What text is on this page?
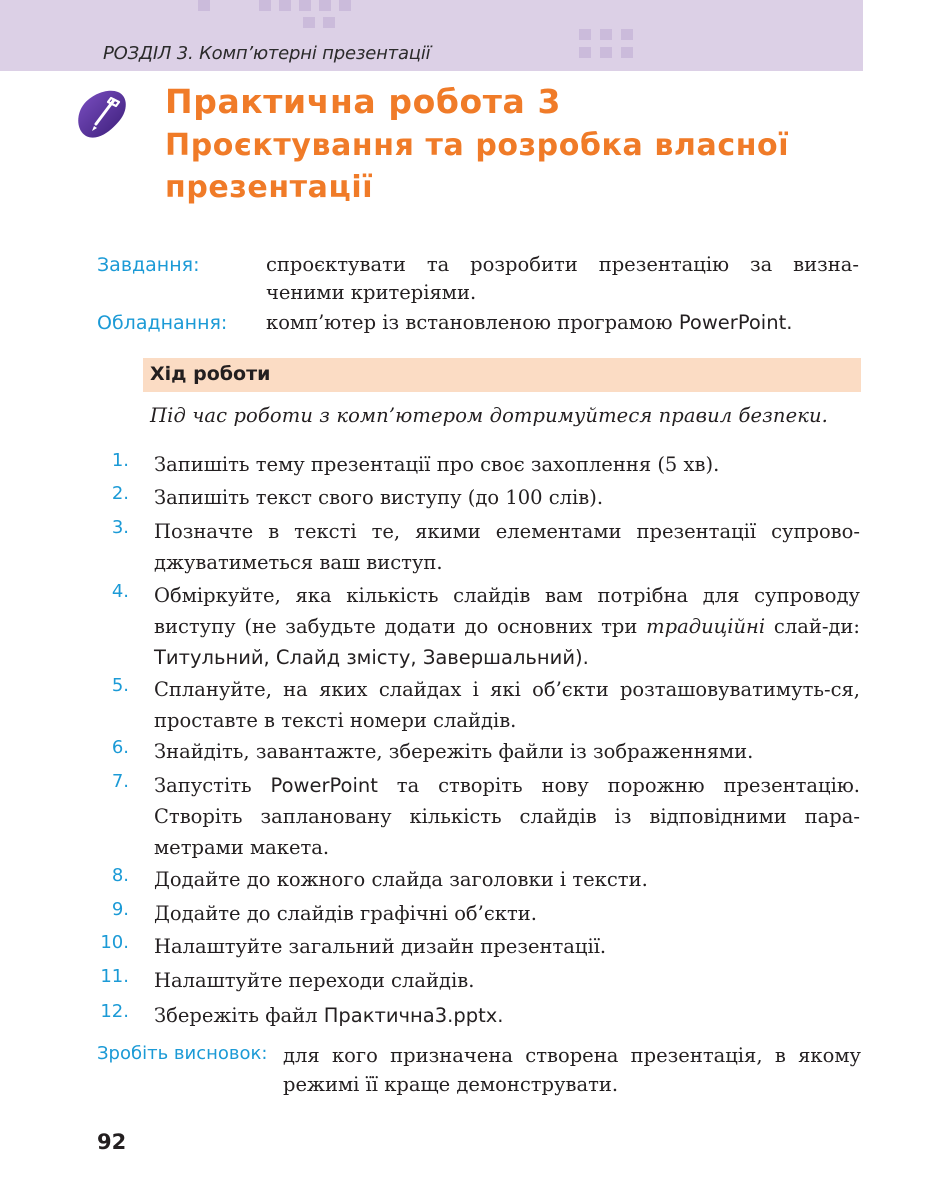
РОЗДІЛ 3. Комп’ютерні презентації
Практична робота 3
Проєктування та розробка власної
презентації
Завдання:	спроєктувати та розробити презентацію за визна-ченими критеріями.
Обладнання: комп’ютер із встановленою програмою PowerPoint.
Хід роботи
Під час роботи з комп’ютером дотримуйтеся правил безпеки.
1. Запишіть тему презентації про своє захоплення (5 хв).
2. Запишіть текст свого виступу (до 100 слів).
3. Позначте в тексті те, якими елементами презентації супрово-джуватиметься ваш виступ.
4. Обміркуйте, яка кількість слайдів вам потрібна для супроводу виступу (не забудьте додати до основних три традиційні слай-ди: Титульний, Слайд змісту, Завершальний).
5. Сплануйте, на яких слайдах і які об’єкти розташовуватимуть-ся, проставте в тексті номери слайдів.
6. Знайдіть, завантажте, збережіть файли із зображеннями.
7. Запустіть PowerPoint та створіть нову порожню презентацію. Створіть заплановану кількість слайдів із відповідними пара-метрами макета.
8. Додайте до кожного слайда заголовки і тексти.
9. Додайте до слайдів графічні об’єкти.
10. Налаштуйте загальний дизайн презентації.
11. Налаштуйте переходи слайдів.
12. Збережіть файл Практична3.pptx.
Зробіть висновок: для кого призначена створена презентація, в якому режимі її краще демонструвати.
92
